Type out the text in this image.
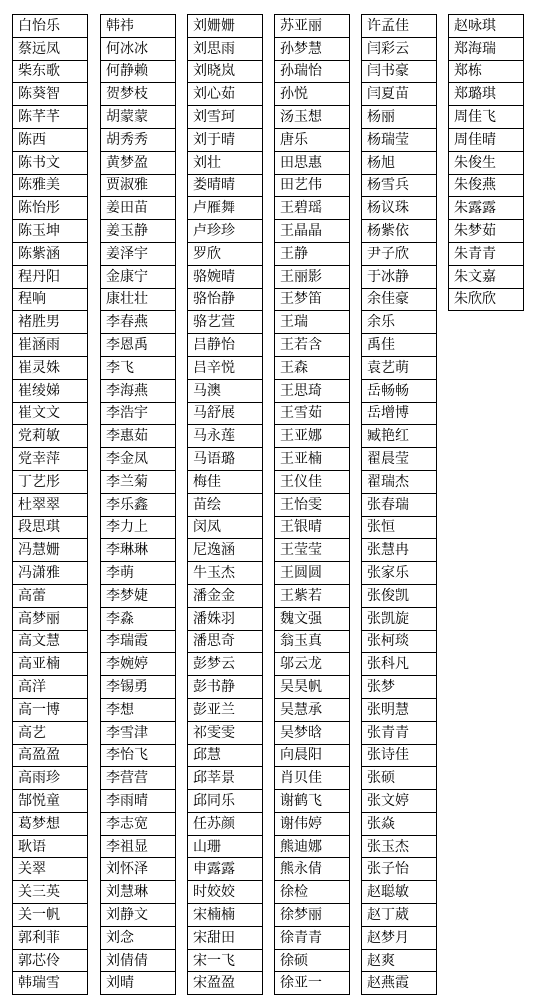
白怡乐
蔡远凤
柴东歌
陈葵智
陈芊芊
陈西
陈书文
陈雅美
陈怡彤
陈玉坤
陈紫涵
程丹阳
程响
褚胜男
崔涵雨
崔灵姝
崔绫娣
崔文文
党莉敏
党幸萍
丁艺彤
杜翠翠
段思琪
冯慧姗
冯潇雅
高蕾
高梦丽
高文慧
高亚楠
高洋
高一博
高艺
高盈盈
高雨珍
郜悦童
葛梦想
耿语
关翠
关三英
关一帆
郭利菲
郭芯伶
韩瑞雪
韩祎
何冰冰
何静赖
贺梦枝
胡蒙蒙
胡秀秀
黄梦盈
贾淑雅
姜田苗
姜玉静
姜泽宇
金康宁
康壮壮
李春燕
李恩禹
李飞
李海燕
李浩宇
李惠茹
李金凤
李兰菊
李乐鑫
李力上
李琳琳
李萌
李梦婕
李淼
李瑞霞
李婉婷
李锡勇
李想
李雪津
李怡飞
李营营
李雨晴
李志宽
李祖显
刘怀泽
刘慧琳
刘静文
刘念
刘倩倩
刘晴
刘姗姗
刘思雨
刘晓岚
刘心茹
刘雪珂
刘于晴
刘壮
娄晴晴
卢雁舞
卢珍珍
罗欣
骆婉晴
骆怡静
骆艺萱
吕静怡
吕辛悦
马澳
马舒展
马永莲
马语璐
梅佳
苗绘
闵凤
尼逸涵
牛玉杰
潘金金
潘姝羽
潘思奇
彭梦云
彭书静
彭亚兰
祁雯雯
邱慧
邱莘景
邱同乐
任苏颜
山珊
申露露
时姣姣
宋楠楠
宋甜田
宋一飞
宋盈盈
苏亚丽
孙梦慧
孙瑞怡
孙悦
汤玉想
唐乐
田思惠
田艺伟
王碧瑶
王晶晶
王静
王丽影
王梦笛
王瑞
王若含
王森
王思琦
王雪茹
王亚娜
王亚楠
王仪佳
王怡雯
王银晴
王莹莹
王圆圆
王紫若
魏文强
翁玉真
邬云龙
吴昊帆
吴慧承
吴梦晗
向晨阳
肖贝佳
谢鹤飞
谢伟婷
熊迪娜
熊永倩
徐检
徐梦丽
徐青青
徐硕
徐亚一
许孟佳
闫彩云
闫书豪
闫夏苗
杨丽
杨瑞莹
杨旭
杨雪兵
杨议珠
杨紫依
尹子欣
于冰静
余佳豪
余乐
禹佳
袁艺萌
岳畅畅
岳增博
臧艳红
翟晨莹
翟瑞杰
张春瑞
张恒
张慧冉
张家乐
张俊凯
张凯旋
张柯琰
张科凡
张梦
张明慧
张青青
张诗佳
张硕
张文婷
张焱
张玉杰
张子怡
赵聪敏
赵丁葳
赵梦月
赵爽
赵燕霞
赵咏琪
郑海瑞
郑栋
郑璐琪
周佳飞
周佳晴
朱俊生
朱俊燕
朱露露
朱梦茹
朱青青
朱文嘉
朱欣欣
